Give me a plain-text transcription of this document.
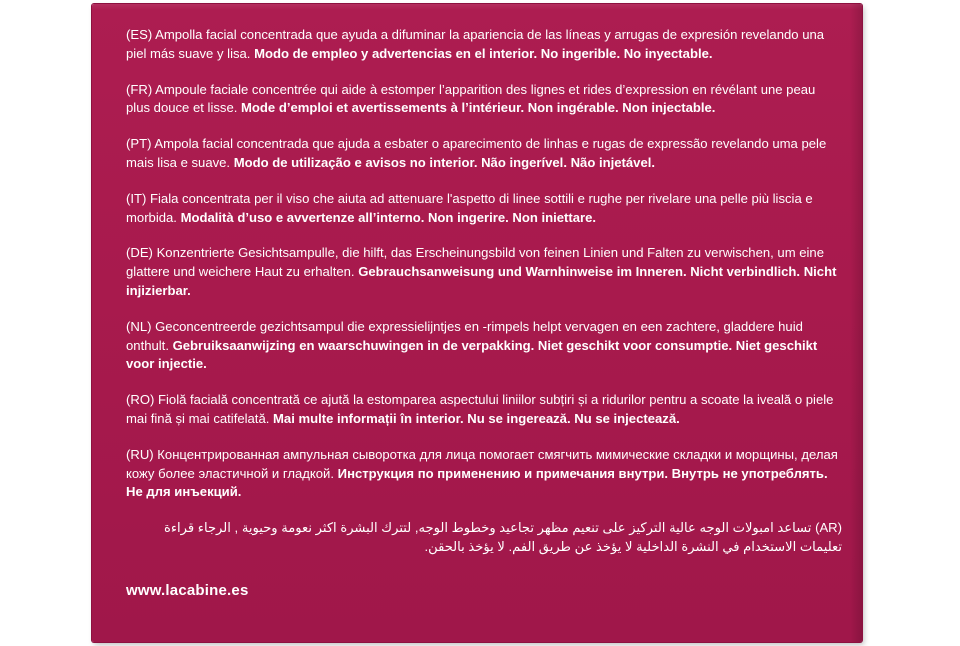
(ES) Ampolla facial concentrada que ayuda a difuminar la apariencia de las líneas y arrugas de expresión revelando una piel más suave y lisa. Modo de empleo y advertencias en el interior. No ingerible. No inyectable.

(FR) Ampoule faciale concentrée qui aide à estomper l’apparition des lignes et rides d’expression en révélant une peau plus douce et lisse. Mode d’emploi et avertissements à l’intérieur. Non ingérable. Non injectable.

(PT) Ampola facial concentrada que ajuda a esbater o aparecimento de linhas e rugas de expressão revelando uma pele mais lisa e suave. Modo de utilização e avisos no interior. Não ingerível. Não injetável.

(IT) Fiala concentrata per il viso che aiuta ad attenuare l'aspetto di linee sottili e rughe per rivelare una pelle più liscia e morbida. Modalità d’uso e avvertenze all’interno. Non ingerire. Non iniettare.

(DE) Konzentrierte Gesichtsampulle, die hilft, das Erscheinungsbild von feinen Linien und Falten zu verwischen, um eine glattere und weichere Haut zu erhalten. Gebrauchsanweisung und Warnhinweise im Inneren. Nicht verbindlich. Nicht injizierbar.

(NL) Geconcentreerde gezichtsampul die expressielijntjes en -rimpels helpt vervagen en een zachtere, gladdere huid onthult. Gebruiksaanwijzing en waarschuwingen in de verpakking. Niet geschikt voor consumptie. Niet geschikt voor injectie.

(RO) Fiolă facială concentrată ce ajută la estomparea aspectului liniilor subțiri și a ridurilor pentru a scoate la iveală o piele mai fină și mai catifelată. Mai multe informații în interior. Nu se ingerează. Nu se injectează.

(RU) Концентрированная ампульная сыворотка для лица помогает смягчить мимические складки и морщины, делая кожу более эластичной и гладкой. Инструкция по применению и примечания внутри. Внутрь не употреблять. Не для инъекций.

(AR) تساعد امبولات الوجه عالية التركيز على تنعيم مظهر تجاعيد وخطوط الوجه, لتترك البشرة اكثر نعومة وحيوية , الرجاء قراءة تعليمات الاستخدام في النشرة الداخلية لا يؤخذ عن طريق الفم. لا يؤخذ بالحقن.

www.lacabine.es
